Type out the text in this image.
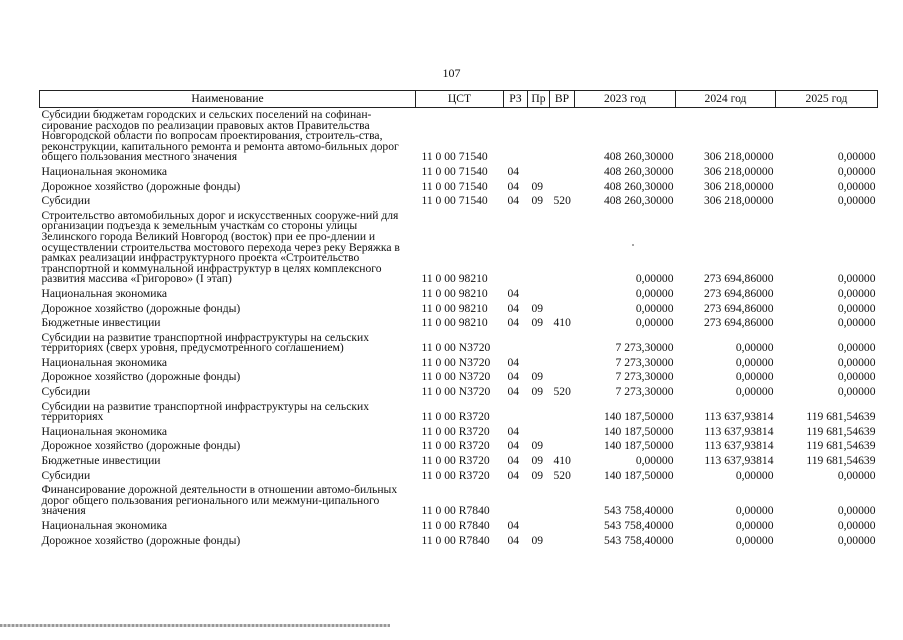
107
Наименование	ЦСТ	РЗ	Пр	ВР	2023 год	2024 год	2025 год
Субсидии бюджетам городских и сельских поселений на софинан-сирование расходов по реализации правовых актов Правительства Новгородской области по вопросам проектирования, строитель-ства, реконструкции, капитального ремонта и ремонта автомо-бильных дорог общего пользования местного значения	11 0 00 71540				408 260,30000	306 218,00000	0,00000
Национальная экономика	11 0 00 71540	04			408 260,30000	306 218,00000	0,00000
Дорожное хозяйство (дорожные фонды)	11 0 00 71540	04	09		408 260,30000	306 218,00000	0,00000
Субсидии	11 0 00 71540	04	09	520	408 260,30000	306 218,00000	0,00000
Строительство автомобильных дорог и искусственных сооруже-ний для организации подъезда к земельным участкам со стороны улицы Зелинского города Великий Новгород (восток) при ее про-длении и осуществлении строительства мостового перехода через реку Веряжка в рамках реализации инфраструктурного проекта «Строительство транспортной и коммунальной инфраструктур в целях комплексного развития массива «Григорово» (I этап)	11 0 00 98210				0,00000	273 694,86000	0,00000
Национальная экономика	11 0 00 98210	04			0,00000	273 694,86000	0,00000
Дорожное хозяйство (дорожные фонды)	11 0 00 98210	04	09		0,00000	273 694,86000	0,00000
Бюджетные инвестиции	11 0 00 98210	04	09	410	0,00000	273 694,86000	0,00000
Субсидии на развитие транспортной инфраструктуры на сельских территориях (сверх уровня, предусмотренного соглашением)	11 0 00 N3720				7 273,30000	0,00000	0,00000
Национальная экономика	11 0 00 N3720	04			7 273,30000	0,00000	0,00000
Дорожное хозяйство (дорожные фонды)	11 0 00 N3720	04	09		7 273,30000	0,00000	0,00000
Субсидии	11 0 00 N3720	04	09	520	7 273,30000	0,00000	0,00000
Субсидии на развитие транспортной инфраструктуры на сельских территориях	11 0 00 R3720				140 187,50000	113 637,93814	119 681,54639
Национальная экономика	11 0 00 R3720	04			140 187,50000	113 637,93814	119 681,54639
Дорожное хозяйство (дорожные фонды)	11 0 00 R3720	04	09		140 187,50000	113 637,93814	119 681,54639
Бюджетные инвестиции	11 0 00 R3720	04	09	410	0,00000	113 637,93814	119 681,54639
Субсидии	11 0 00 R3720	04	09	520	140 187,50000	0,00000	0,00000
Финансирование дорожной деятельности в отношении автомо-бильных дорог общего пользования регионального или межмуни-ципального значения	11 0 00 R7840				543 758,40000	0,00000	0,00000
Национальная экономика	11 0 00 R7840	04			543 758,40000	0,00000	0,00000
Дорожное хозяйство (дорожные фонды)	11 0 00 R7840	04	09		543 758,40000	0,00000	0,00000
